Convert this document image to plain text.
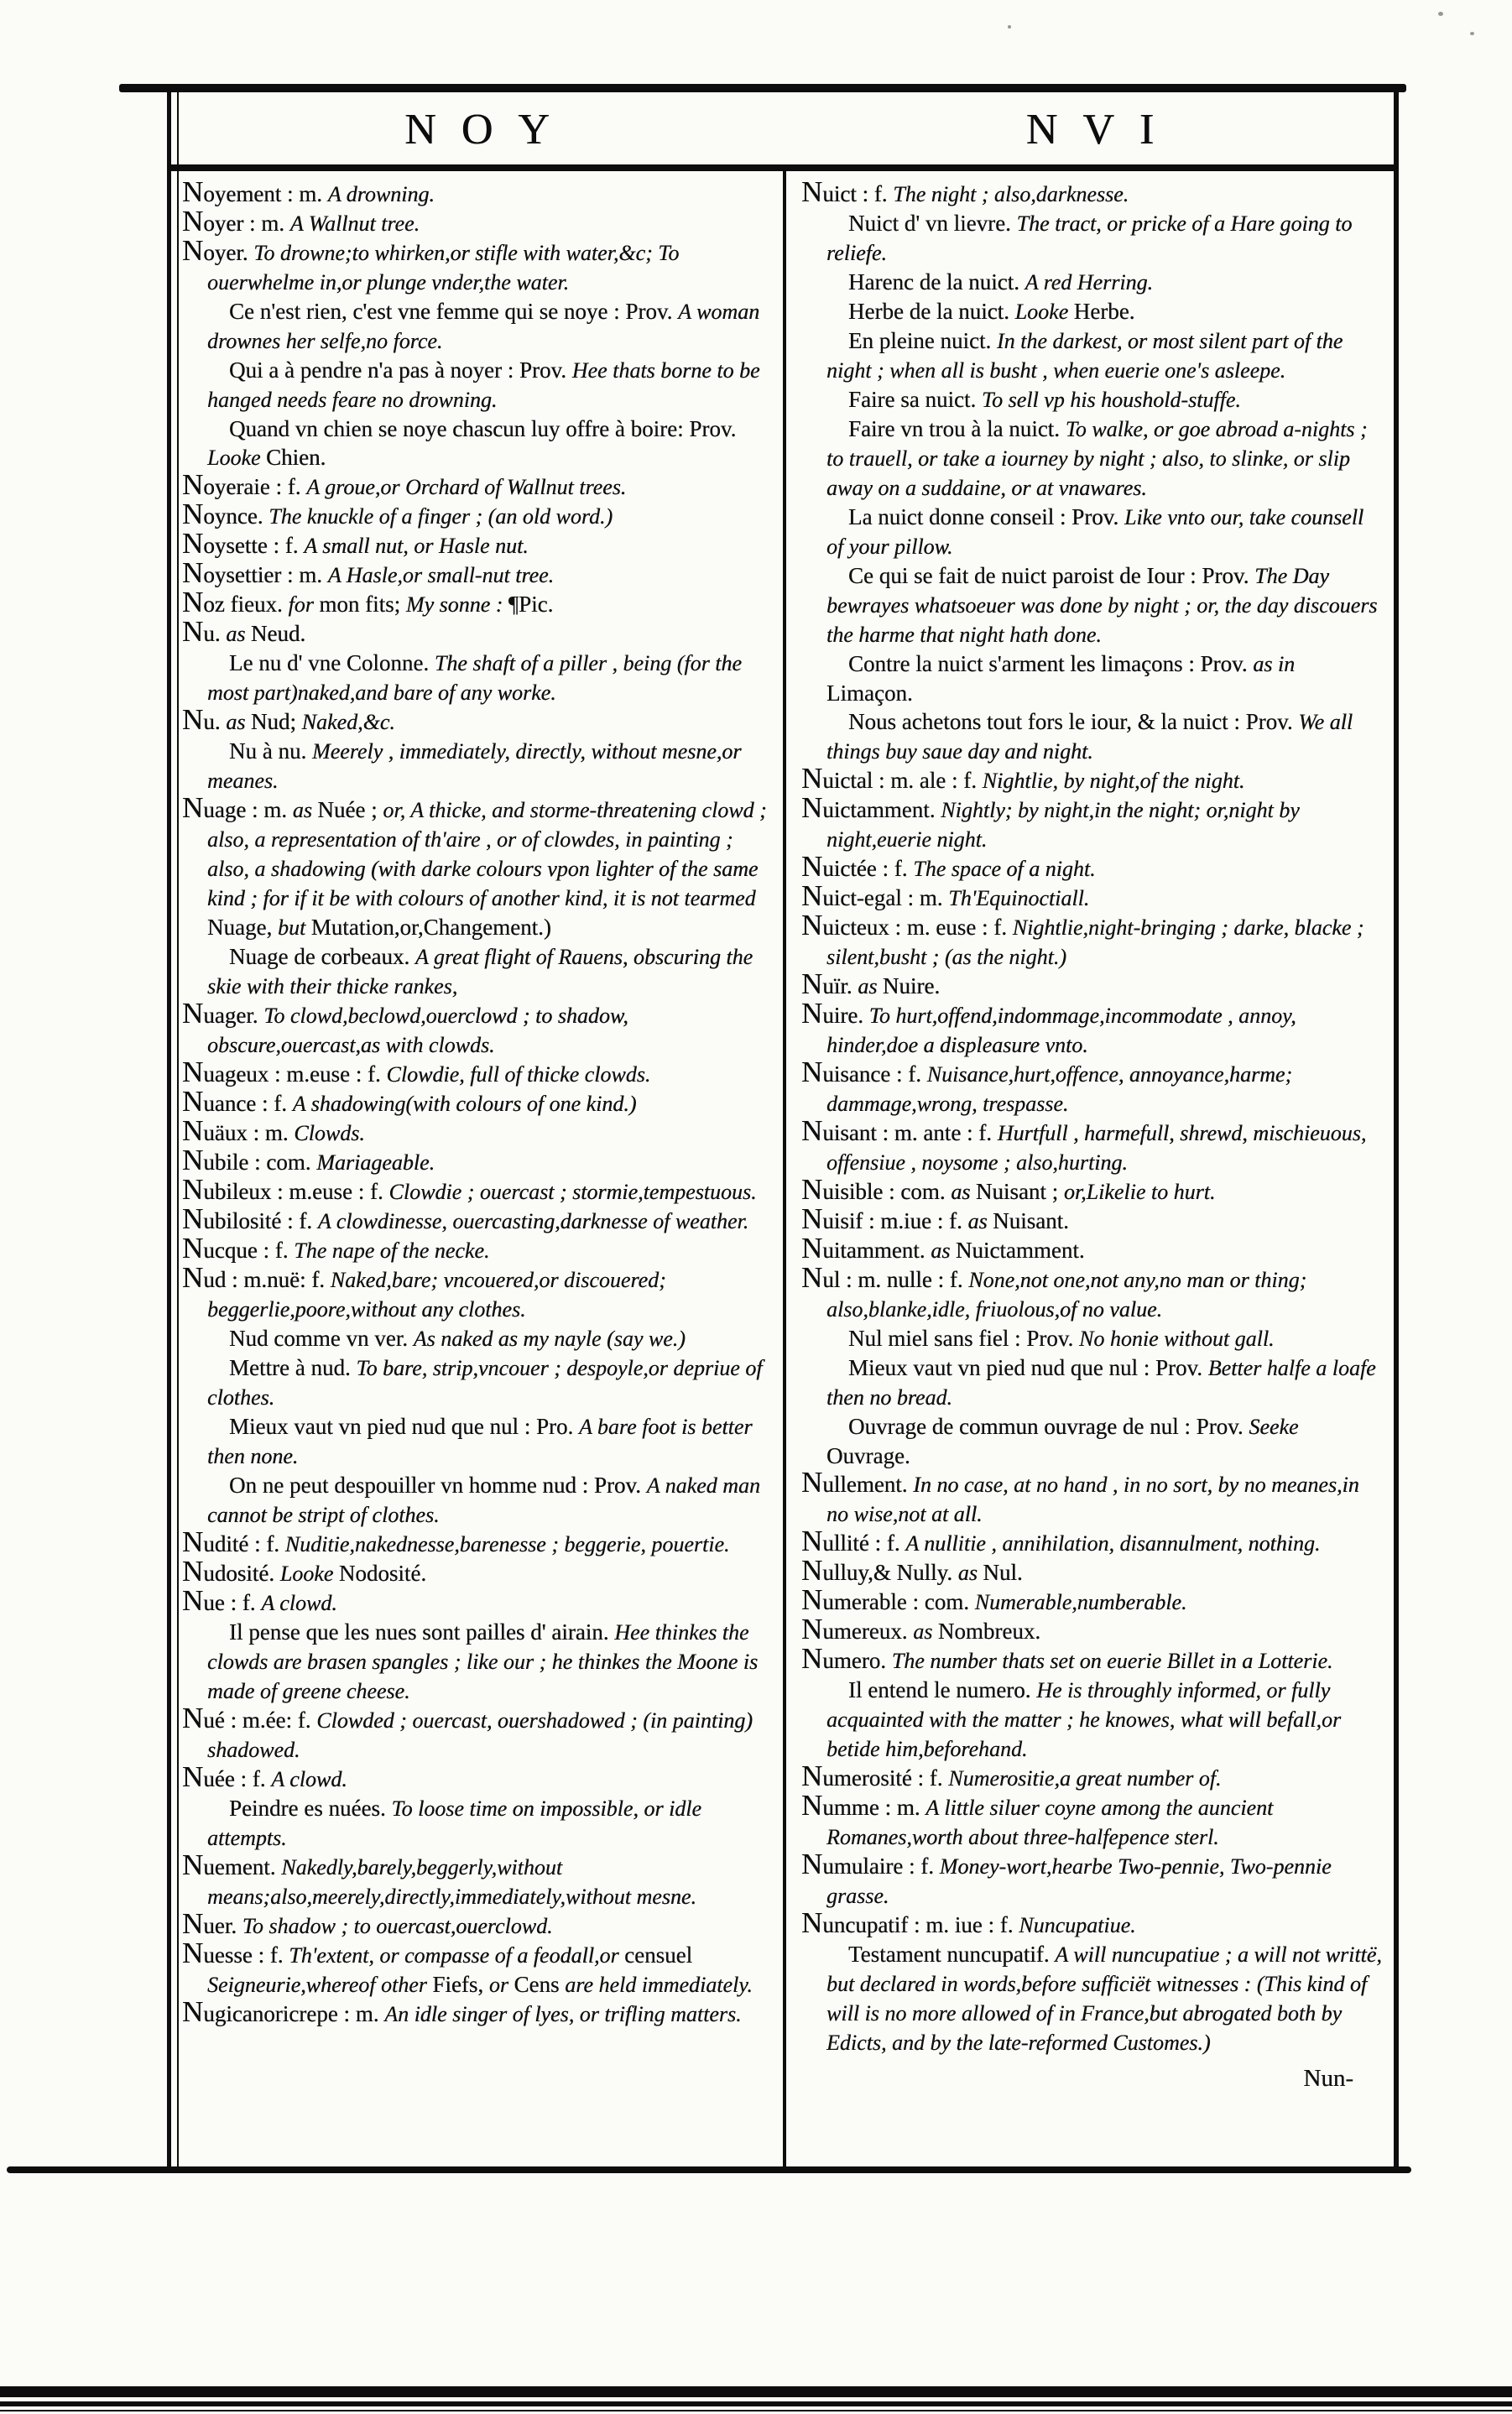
NOY	NVI

Noyement : m. A drowning.

Noyer : m. A Wallnut tree.

Noyer. To drowne;to whirken,or stifle with water,&c; To ouerwhelme in,or plunge vnder,the water.

Ce n'est rien, c'est vne femme qui se noye : Prov. A woman drownes her selfe,no force.

Qui a à pendre n'a pas à noyer : Prov. Hee thats borne to be hanged needs feare no drowning.

Quand vn chien se noye chascun luy offre à boire: Prov. Looke Chien.

Noyeraie : f. A groue,or Orchard of Wallnut trees.

Noynce. The knuckle of a finger ; (an old word.)

Noysette : f. A small nut, or Hasle nut.

Noysettier : m. A Hasle,or small-nut tree.

Noz fieux. for mon fits; My sonne : ¶Pic.

Nu. as Neud.

Le nu d' vne Colonne. The shaft of a piller , being (for the most part)naked,and bare of any worke.

Nu. as Nud; Naked,&c.

Nu à nu. Meerely , immediately, directly, without mesne,or meanes.

Nuage : m. as Nuée ; or, A thicke, and storme-threatening clowd ; also, a representation of th'aire , or of clowdes, in painting ; also, a shadowing (with darke colours vpon lighter of the same kind ; for if it be with colours of another kind, it is not tearmed Nuage, but Mutation,or,Changement.)

Nuage de corbeaux. A great flight of Rauens, obscuring the skie with their thicke rankes,

Nuager. To clowd,beclowd,ouerclowd ; to shadow, obscure,ouercast,as with clowds.

Nuageux : m.euse : f. Clowdie, full of thicke clowds.

Nuance : f. A shadowing(with colours of one kind.)

Nuäux : m. Clowds.

Nubile : com. Mariageable.

Nubileux : m.euse : f. Clowdie ; ouercast ; stormie,tempestuous.

Nubilosité : f. A clowdinesse, ouercasting,darknesse of weather.

Nucque : f. The nape of the necke.

Nud : m.nuë: f. Naked,bare; vncouered,or discouered; beggerlie,poore,without any clothes.

Nud comme vn ver. As naked as my nayle (say we.)

Mettre à nud. To bare, strip,vncouer ; despoyle,or depriue of clothes.

Mieux vaut vn pied nud que nul : Pro. A bare foot is better then none.

On ne peut despouiller vn homme nud : Prov. A naked man cannot be stript of clothes.

Nudité : f. Nuditie,nakednesse,barenesse ; beggerie, pouertie.

Nudosité. Looke Nodosité.

Nue : f. A clowd.

Il pense que les nues sont pailles d' airain. Hee thinkes the clowds are brasen spangles ; like our ; he thinkes the Moone is made of greene cheese.

Nué : m.ée: f. Clowded ; ouercast, ouershadowed ; (in painting) shadowed.

Nuée : f. A clowd.

Peindre es nuées. To loose time on impossible, or idle attempts.

Nuement. Nakedly,barely,beggerly,without means;also,meerely,directly,immediately,without mesne.

Nuer. To shadow ; to ouercast,ouerclowd.

Nuesse : f. Th'extent, or compasse of a feodall,or censuel Seigneurie,whereof other Fiefs, or Cens are held immediately.

Nugicanoricrepe : m. An idle singer of lyes, or trifling matters.

Nuict : f. The night ; also,darknesse.

Nuict d' vn lievre. The tract, or pricke of a Hare going to reliefe.

Harenc de la nuict. A red Herring.

Herbe de la nuict. Looke Herbe.

En pleine nuict. In the darkest, or most silent part of the night ; when all is busht , when euerie one's asleepe.

Faire sa nuict. To sell vp his houshold-stuffe.

Faire vn trou à la nuict. To walke, or goe abroad a-nights ; to trauell, or take a iourney by night ; also, to slinke, or slip away on a suddaine, or at vnawares.

La nuict donne conseil : Prov. Like vnto our, take counsell of your pillow.

Ce qui se fait de nuict paroist de Iour : Prov. The Day bewrayes whatsoeuer was done by night ; or, the day discouers the harme that night hath done.

Contre la nuict s'arment les limaçons : Prov. as in Limaçon.

Nous achetons tout fors le iour, & la nuict : Prov. We all things buy saue day and night.

Nuictal : m. ale : f. Nightlie, by night,of the night.

Nuictamment. Nightly; by night,in the night; or,night by night,euerie night.

Nuictée : f. The space of a night.

Nuict-egal : m. Th'Equinoctiall.

Nuicteux : m. euse : f. Nightlie,night-bringing ; darke, blacke ; silent,busht ; (as the night.)

Nuïr. as Nuire.

Nuire. To hurt,offend,indommage,incommodate , annoy, hinder,doe a displeasure vnto.

Nuisance : f. Nuisance,hurt,offence, annoyance,harme; dammage,wrong, trespasse.

Nuisant : m. ante : f. Hurtfull , harmefull, shrewd, mischieuous, offensiue , noysome ; also,hurting.

Nuisible : com. as Nuisant ; or,Likelie to hurt.

Nuisif : m.iue : f. as Nuisant.

Nuitamment. as Nuictamment.

Nul : m. nulle : f. None,not one,not any,no man or thing; also,blanke,idle, friuolous,of no value.

Nul miel sans fiel : Prov. No honie without gall.

Mieux vaut vn pied nud que nul : Prov. Better halfe a loafe then no bread.

Ouvrage de commun ouvrage de nul : Prov. Seeke Ouvrage.

Nullement. In no case, at no hand , in no sort, by no meanes,in no wise,not at all.

Nullité : f. A nullitie , annihilation, disannulment, nothing.

Nulluy,& Nully. as Nul.

Numerable : com. Numerable,numberable.

Numereux. as Nombreux.

Numero. The number thats set on euerie Billet in a Lotterie.

Il entend le numero. He is throughly informed, or fully acquainted with the matter ; he knowes, what will befall,or betide him,beforehand.

Numerosité : f. Numerositie,a great number of.

Numme : m. A little siluer coyne among the auncient Romanes,worth about three-halfepence sterl.

Numulaire : f. Money-wort,hearbe Two-pennie, Two-pennie grasse.

Nuncupatif : m. iue : f. Nuncupatiue.

Testament nuncupatif. A will nuncupatiue ; a will not writtë, but declared in words,before sufficiët witnesses : (This kind of will is no more allowed of in France,but abrogated both by Edicts, and by the late-reformed Customes.)

Nun-
